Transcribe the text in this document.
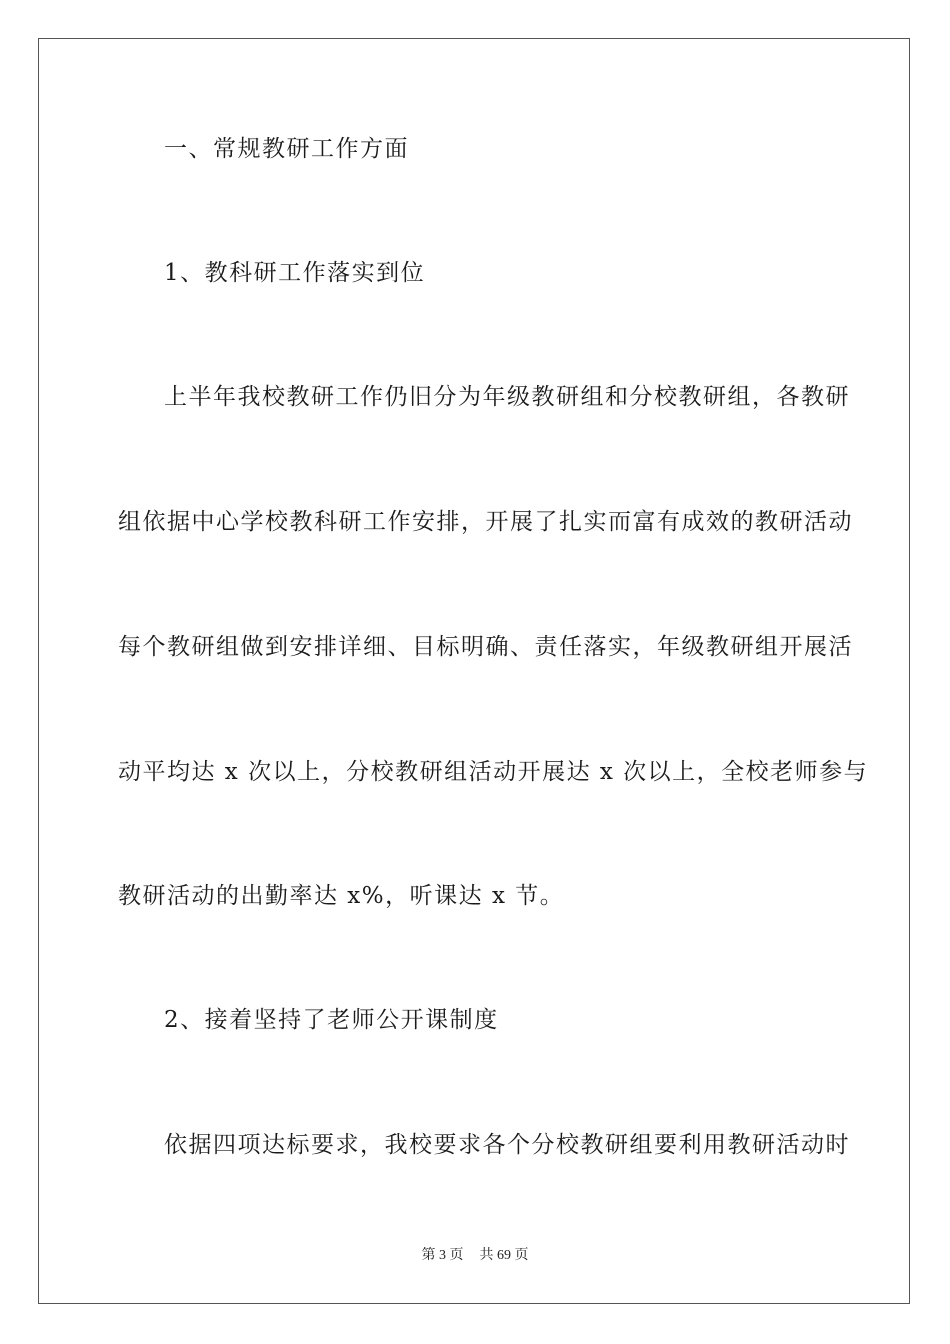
一、常规教研工作方面
1、教科研工作落实到位
上半年我校教研工作仍旧分为年级教研组和分校教研组，各教研
组依据中心学校教科研工作安排，开展了扎实而富有成效的教研活动
每个教研组做到安排详细、目标明确、责任落实，年级教研组开展活
动平均达 x 次以上，分校教研组活动开展达 x 次以上，全校老师参与
教研活动的出勤率达 x%，听课达 x 节。
2、接着坚持了老师公开课制度
依据四项达标要求，我校要求各个分校教研组要利用教研活动时
第 3 页 共 69 页
